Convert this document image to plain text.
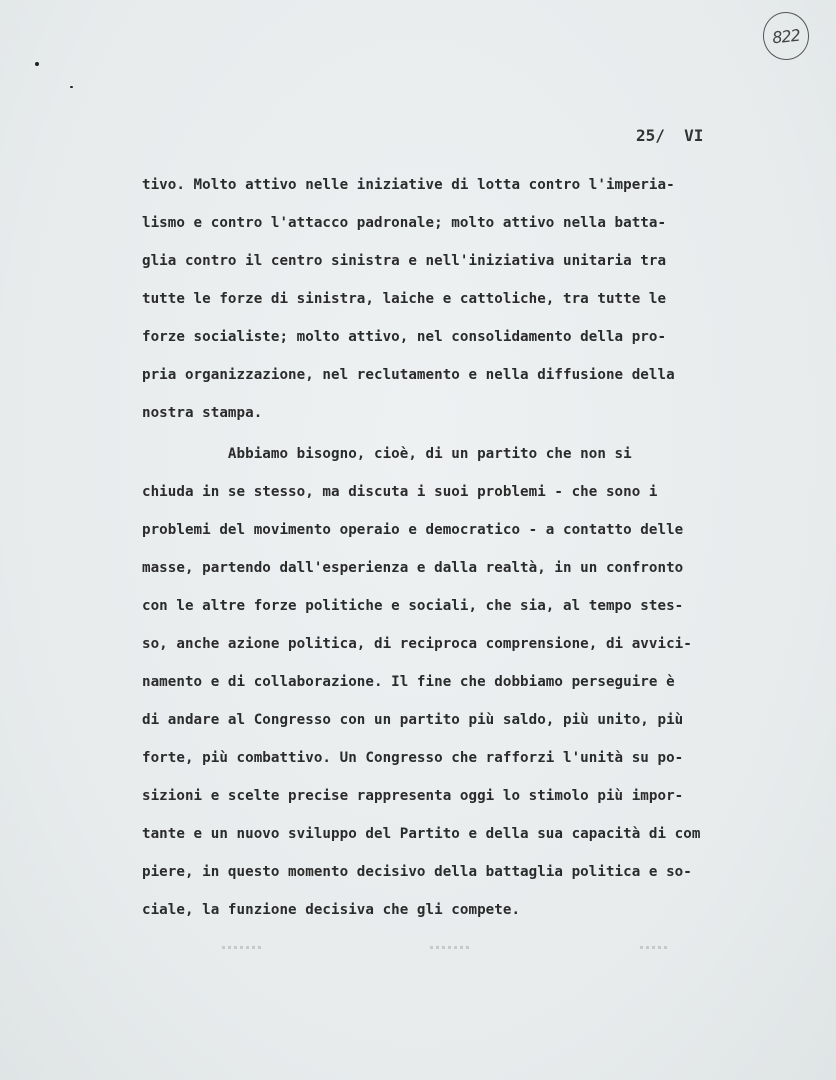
822
25/  VI
tivo. Molto attivo nelle iniziative di lotta contro l'imperia-
lismo e contro l'attacco padronale; molto attivo nella batta-
glia contro il centro sinistra e nell'iniziativa unitaria tra
tutte le forze di sinistra, laiche e cattoliche, tra tutte le
forze socialiste; molto attivo, nel consolidamento della pro-
pria organizzazione, nel reclutamento e nella diffusione della
nostra stampa.
Abbiamo bisogno, cioè, di un partito che non si
chiuda in se stesso, ma discuta i suoi problemi - che sono i
problemi del movimento operaio e democratico - a contatto delle
masse, partendo dall'esperienza e dalla realtà, in un confronto
con le altre forze politiche e sociali, che sia, al tempo stes-
so, anche azione politica, di reciproca comprensione, di avvici-
namento e di collaborazione. Il fine che dobbiamo perseguire è
di andare al Congresso con un partito più saldo, più unito, più
forte, più combattivo. Un Congresso che rafforzi l'unità su po-
sizioni e scelte precise rappresenta oggi lo stimolo più impor-
tante e un nuovo sviluppo del Partito e della sua capacità di com
piere, in questo momento decisivo della battaglia politica e so-
ciale, la funzione decisiva che gli compete.
